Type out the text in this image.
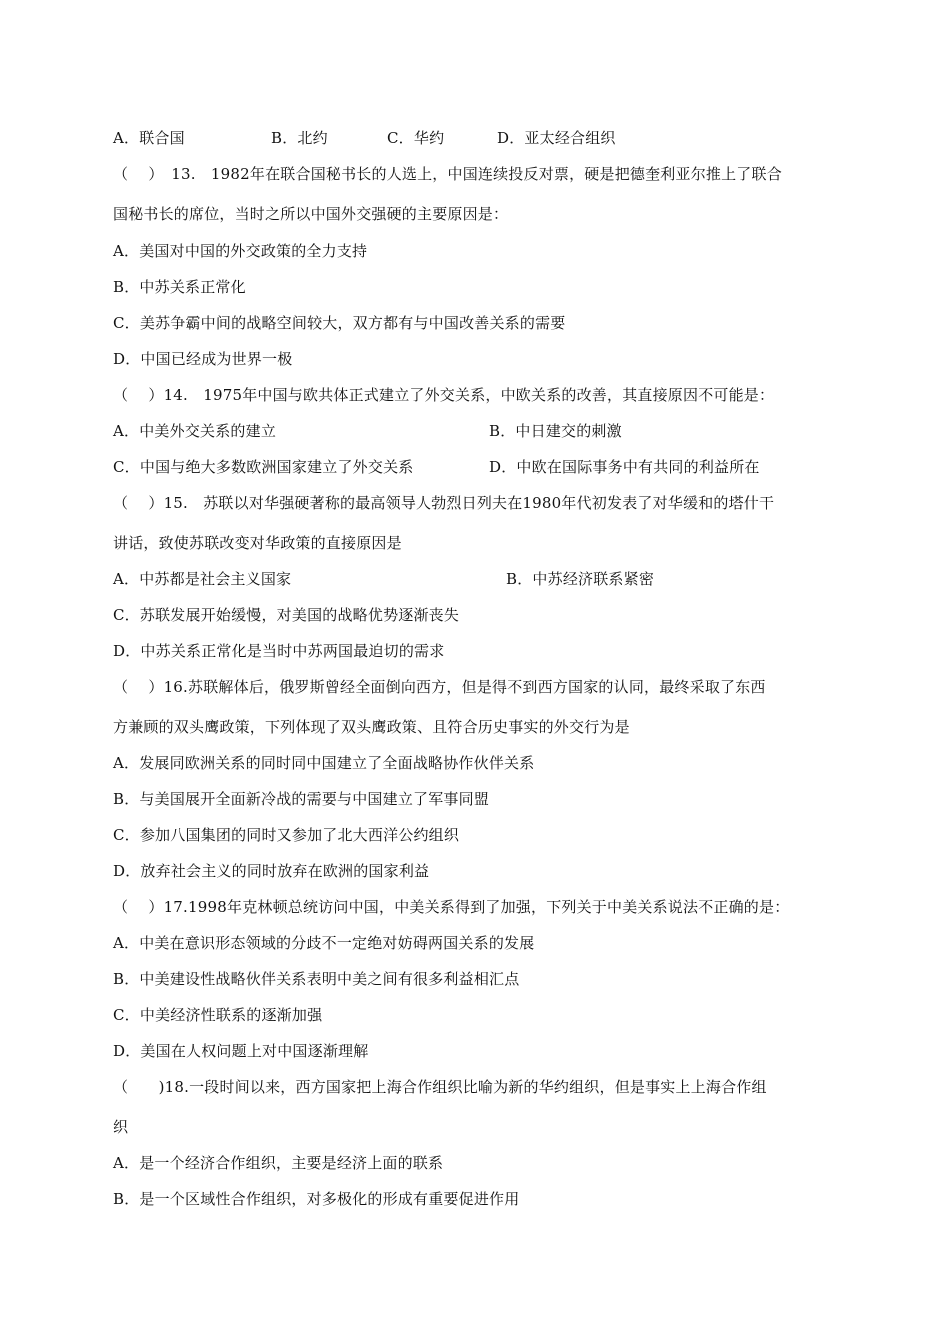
A．联合国	B．北约	C．华约	D．亚太经合组织
（　 ）　13.　1982年在联合国秘书长的人选上，中国连续投反对票，硬是把德奎利亚尔推上了联合
国秘书长的席位，当时之所以中国外交强硬的主要原因是：
A．美国对中国的外交政策的全力支持
B．中苏关系正常化
C．美苏争霸中间的战略空间较大，双方都有与中国改善关系的需要
D．中国已经成为世界一极
（　 ）14.　1975年中国与欧共体正式建立了外交关系，中欧关系的改善，其直接原因不可能是：
A．中美外交关系的建立	B．中日建交的刺激
C．中国与绝大多数欧洲国家建立了外交关系	D．中欧在国际事务中有共同的利益所在
（　 ）15.　苏联以对华强硬著称的最高领导人勃烈日列夫在1980年代初发表了对华缓和的塔什干
讲话，致使苏联改变对华政策的直接原因是
A．中苏都是社会主义国家	B．中苏经济联系紧密
C．苏联发展开始缓慢，对美国的战略优势逐渐丧失
D．中苏关系正常化是当时中苏两国最迫切的需求
（　 ）16.苏联解体后，俄罗斯曾经全面倒向西方，但是得不到西方国家的认同，最终采取了东西
方兼顾的双头鹰政策，下列体现了双头鹰政策、且符合历史事实的外交行为是
A．发展同欧洲关系的同时同中国建立了全面战略协作伙伴关系
B．与美国展开全面新冷战的需要与中国建立了军事同盟
C．参加八国集团的同时又参加了北大西洋公约组织
D．放弃社会主义的同时放弃在欧洲的国家利益
（　 ）17.1998年克林顿总统访问中国，中美关系得到了加强，下列关于中美关系说法不正确的是：
A．中美在意识形态领域的分歧不一定绝对妨碍两国关系的发展
B．中美建设性战略伙伴关系表明中美之间有很多利益相汇点
C．中美经济性联系的逐渐加强
D．美国在人权问题上对中国逐渐理解
（　　)18.一段时间以来，西方国家把上海合作组织比喻为新的华约组织，但是事实上上海合作组
织
A．是一个经济合作组织，主要是经济上面的联系
B．是一个区域性合作组织，对多极化的形成有重要促进作用
